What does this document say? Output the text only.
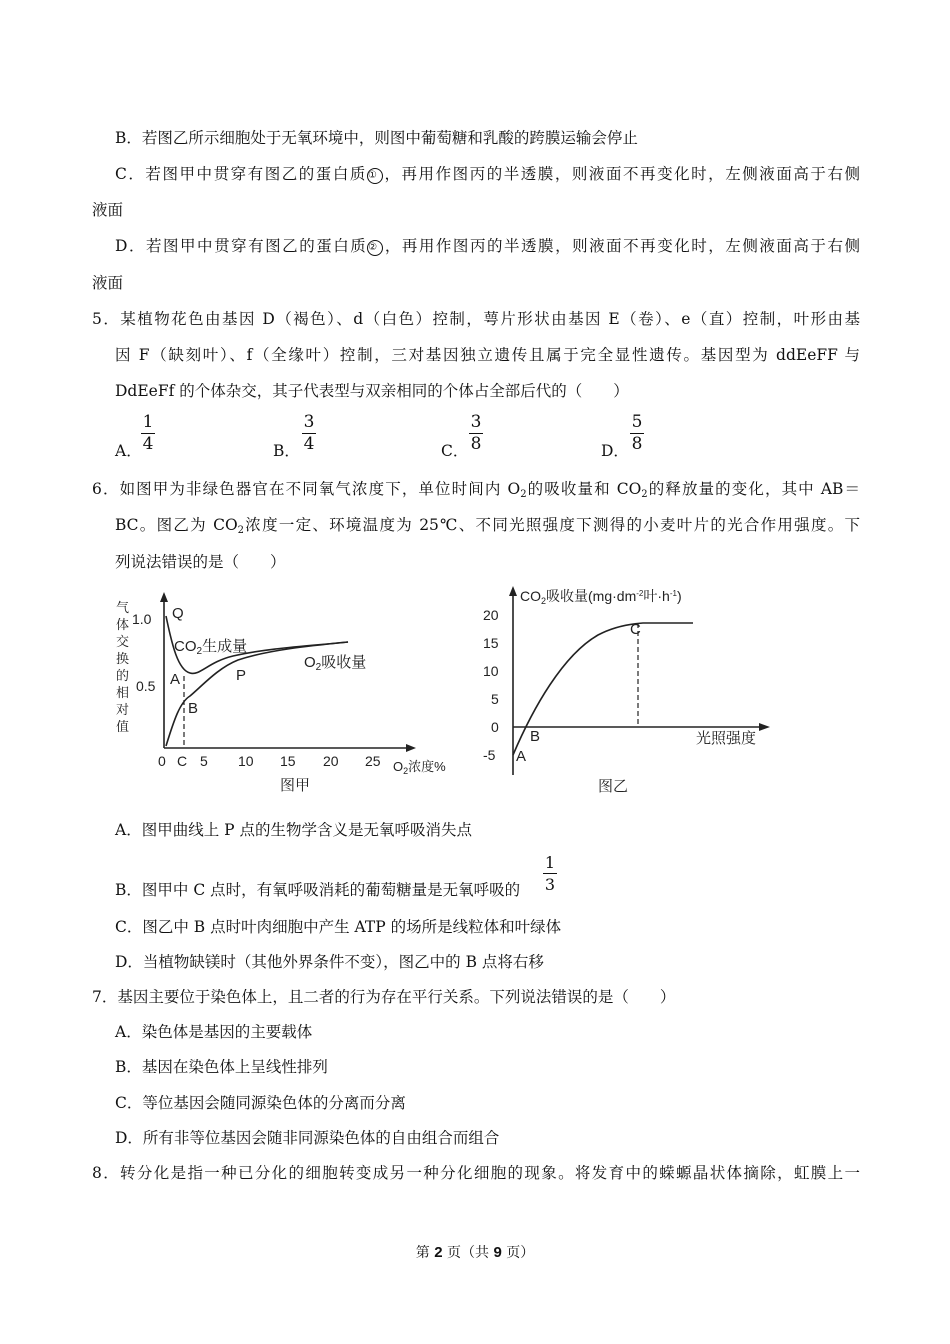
B．若图乙所示细胞处于无氧环境中，则图中葡萄糖和乳酸的跨膜运输会停止
C．若图甲中贯穿有图乙的蛋白质① ，再用作图丙的半透膜，则液面不再变化时，左侧液面高于右侧
液面
D．若图甲中贯穿有图乙的蛋白质② ，再用作图丙的半透膜，则液面不再变化时，左侧液面高于右侧
液面
5．某植物花色由基因 D（褐色）、d（白色）控制，萼片形状由基因 E（卷）、e（直）控制，叶形由基
因 F（缺刻叶）、f（全缘叶）控制，三对基因独立遗传且属于完全显性遗传。基因型为 ddEeFF 与
DdEeFf 的个体杂交，其子代表型与双亲相同的个体占全部后代的（　　）
A．
1
4	B．
3
4	C．
3
8	D．
5
8
6．如图甲为非绿色器官在不同氧气浓度下，单位时间内 $O_2$的吸收量和 $CO_2$的释放量的变化，其中 AB＝
BC。图乙为 $CO_2$浓度一定、环境温度为 25℃、不同光照强度下测得的小麦叶片的光合作用强度。下
列说法错误的是（　　）
气
体
交
换
的
相
对
值
1.0
0.5
0 C 5 10 15 20 25 $O_2$浓度%
Q
$CO_2$生成量
A
B
P
$O_2$吸收量
图甲
$CO_2$吸收量($mg\cdot dm^{-2}$叶$\cdot h^{-1}$)
20
15
10
5
0
-5 A
B
C
光照强度
图乙
A．图甲曲线上 P 点的生物学含义是无氧呼吸消失点
B．图甲中 C 点时，有氧呼吸消耗的葡萄糖量是无氧呼吸的
1
3
C．图乙中 B 点时叶肉细胞中产生 ATP 的场所是线粒体和叶绿体
D．当植物缺镁时（其他外界条件不变），图乙中的 B 点将右移
7．基因主要位于染色体上，且二者的行为存在平行关系。下列说法错误的是（　　）
A．染色体是基因的主要载体
B．基因在染色体上呈线性排列
C．等位基因会随同源染色体的分离而分离
D．所有非等位基因会随非同源染色体的自由组合而组合
8．转分化是指一种已分化的细胞转变成另一种分化细胞的现象。将发育中的蝾螈晶状体摘除，虹膜上一
第 2 页（共 9 页）
